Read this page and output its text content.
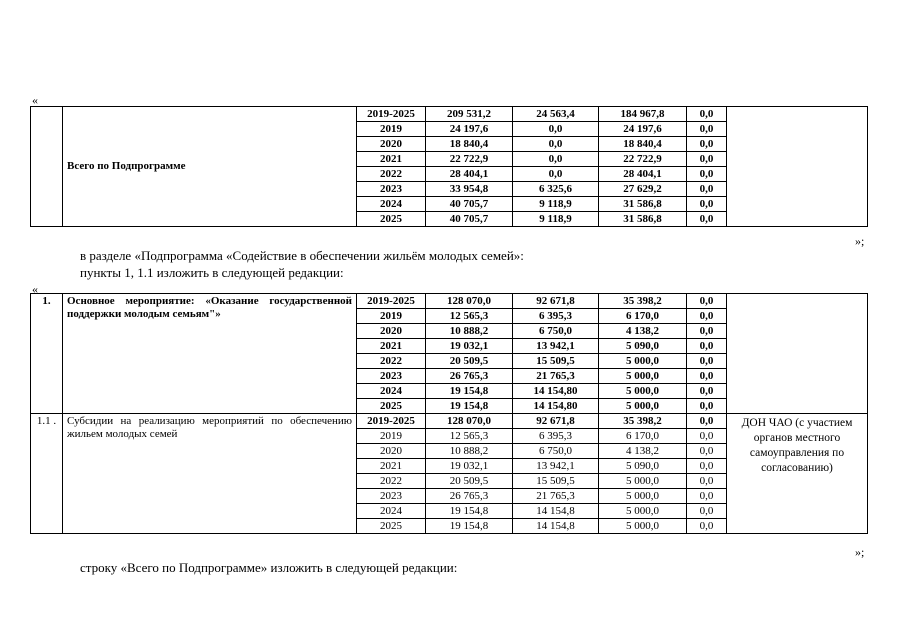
«
	Всего по Подпрограмме	2019-2025	209 531,2	24 563,4	184 967,8	0,0	
		2019	24 197,6	0,0	24 197,6	0,0	
		2020	18 840,4	0,0	18 840,4	0,0	
		2021	22 722,9	0,0	22 722,9	0,0	
		2022	28 404,1	0,0	28 404,1	0,0	
		2023	33 954,8	6 325,6	27 629,2	0,0	
		2024	40 705,7	9 118,9	31 586,8	0,0	
		2025	40 705,7	9 118,9	31 586,8	0,0	
»;
в разделе «Подпрограмма «Содействие в обеспечении жильём молодых семей»:
пункты 1, 1.1 изложить в следующей редакции:
«
1.	Основное мероприятие: «Оказание государственной поддержки молодым семьям"»	2019-2025	128 070,0	92 671,8	35 398,2	0,0	
		2019	12 565,3	6 395,3	6 170,0	0,0	
		2020	10 888,2	6 750,0	4 138,2	0,0	
		2021	19 032,1	13 942,1	5 090,0	0,0	
		2022	20 509,5	15 509,5	5 000,0	0,0	
		2023	26 765,3	21 765,3	5 000,0	0,0	
		2024	19 154,8	14 154,80	5 000,0	0,0	
		2025	19 154,8	14 154,80	5 000,0	0,0	
1.1 .	Субсидии на реализацию мероприятий по обеспечению жильем молодых семей	2019-2025	128 070,0	92 671,8	35 398,2	0,0	ДОН ЧАО (с участием органов местного самоуправления по согласованию)
		2019	12 565,3	6 395,3	6 170,0	0,0	
		2020	10 888,2	6 750,0	4 138,2	0,0	
		2021	19 032,1	13 942,1	5 090,0	0,0	
		2022	20 509,5	15 509,5	5 000,0	0,0	
		2023	26 765,3	21 765,3	5 000,0	0,0	
		2024	19 154,8	14 154,8	5 000,0	0,0	
		2025	19 154,8	14 154,8	5 000,0	0,0	
»;
строку «Всего по Подпрограмме» изложить в следующей редакции:
